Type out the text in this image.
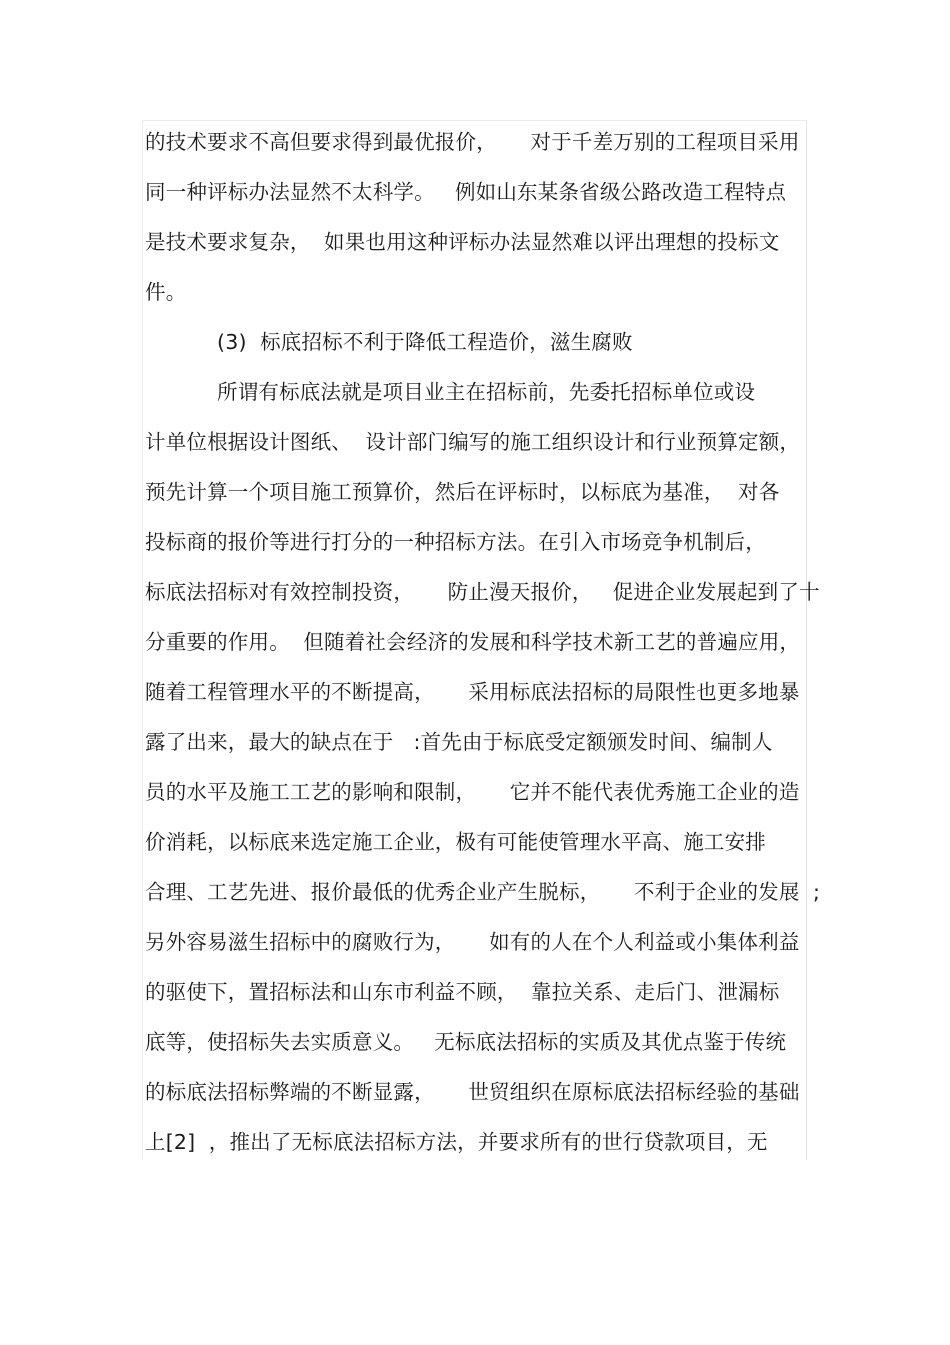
的技术要求不高但要求得到最优报价，     对于千差万别的工程项目采用
同一种评标办法显然不太科学。   例如山东某条省级公路改造工程特点
是技术要求复杂，  如果也用这种评标办法显然难以评出理想的投标文
件。
(3)  标底招标不利于降低工程造价，滋生腐败
所谓有标底法就是项目业主在招标前，先委托招标单位或设
计单位根据设计图纸、  设计部门编写的施工组织设计和行业预算定额，
预先计算一个项目施工预算价，然后在评标时，以标底为基准，  对各
投标商的报价等进行打分的一种招标方法。在引入市场竞争机制后，
标底法招标对有效控制投资，     防止漫天报价，   促进企业发展起到了十
分重要的作用。  但随着社会经济的发展和科学技术新工艺的普遍应用，
随着工程管理水平的不断提高，     采用标底法招标的局限性也更多地暴
露了出来，最大的缺点在于   :首先由于标底受定额颁发时间、编制人
员的水平及施工工艺的影响和限制，     它并不能代表优秀施工企业的造
价消耗，以标底来选定施工企业，极有可能使管理水平高、施工安排
合理、工艺先进、报价最低的优秀企业产生脱标，     不利于企业的发展  ;
另外容易滋生招标中的腐败行为，     如有的人在个人利益或小集体利益
的驱使下，置招标法和山东市利益不顾，  靠拉关系、走后门、泄漏标
底等，使招标失去实质意义。   无标底法招标的实质及其优点鉴于传统
的标底法招标弊端的不断显露，     世贸组织在原标底法招标经验的基础
上[2]  ，推出了无标底法招标方法，并要求所有的世行贷款项目，无
